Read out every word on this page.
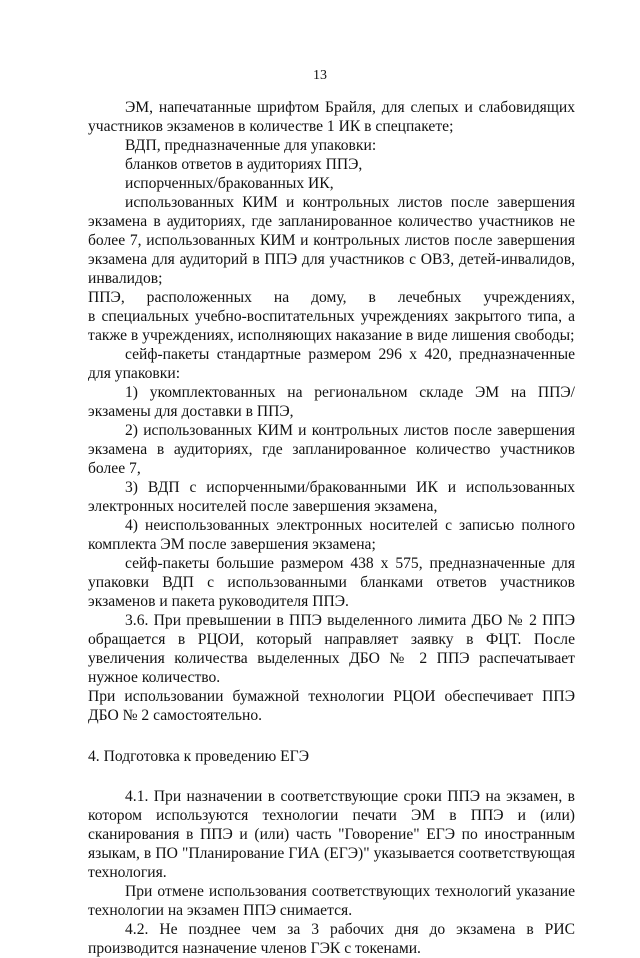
13

ЭМ, напечатанные шрифтом Брайля, для слепых и слабовидящих участников экзаменов в количестве 1 ИК в спецпакете;

ВДП, предназначенные для упаковки:

бланков ответов в аудиториях ППЭ,

испорченных/бракованных ИК,

использованных КИМ и контрольных листов после завершения экзамена в аудиториях, где запланированное количество участников не более 7, использованных КИМ и контрольных листов после завершения экзамена для аудиторий в ППЭ для участников с ОВЗ, детей-инвалидов, инвалидов;

ППЭ, расположенных на дому, в лечебных учреждениях,

в специальных учебно-воспитательных учреждениях закрытого типа, а также в учреждениях, исполняющих наказание в виде лишения свободы;

сейф-пакеты стандартные размером 296 х 420, предназначенные для упаковки:

1) укомплектованных на региональном складе ЭМ на ППЭ/экзамены для доставки в ППЭ,

2) использованных КИМ и контрольных листов после завершения экзамена в аудиториях, где запланированное количество участников более 7,

3) ВДП с испорченными/бракованными ИК и использованных электронных носителей после завершения экзамена,

4) неиспользованных электронных носителей с записью полного комплекта ЭМ после завершения экзамена;

сейф-пакеты большие размером 438 х 575, предназначенные для упаковки ВДП с использованными бланками ответов участников экзаменов и пакета руководителя ППЭ.

3.6. При превышении в ППЭ выделенного лимита ДБО № 2 ППЭ обращается в РЦОИ, который направляет заявку в ФЦТ. После увеличения количества выделенных ДБО № 2 ППЭ распечатывает нужное количество.

При использовании бумажной технологии РЦОИ обеспечивает ППЭ ДБО № 2 самостоятельно.

4. Подготовка к проведению ЕГЭ

4.1. При назначении в соответствующие сроки ППЭ на экзамен, в котором используются технологии печати ЭМ в ППЭ и (или) сканирования в ППЭ и (или) часть "Говорение" ЕГЭ по иностранным языкам, в ПО "Планирование ГИА (ЕГЭ)" указывается соответствующая технология.

При отмене использования соответствующих технологий указание технологии на экзамен ППЭ снимается.

4.2. Не позднее чем за 3 рабочих дня до экзамена в РИС производится назначение членов ГЭК с токенами.
